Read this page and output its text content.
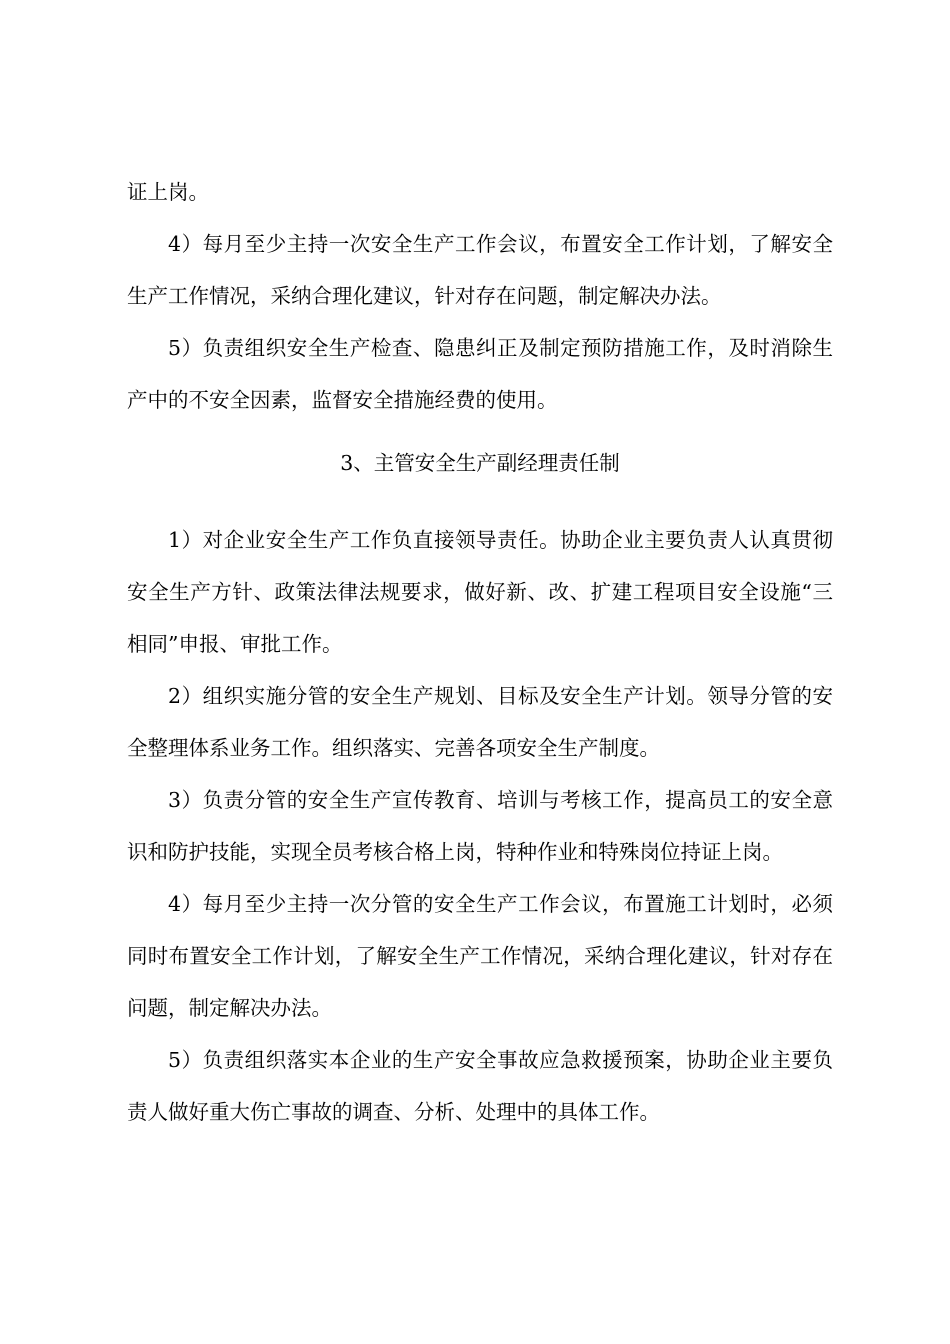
证上岗。

4）每月至少主持一次安全生产工作会议，布置安全工作计划，了解安全生产工作情况，采纳合理化建议，针对存在问题，制定解决办法。

5）负责组织安全生产检查、隐患纠正及制定预防措施工作，及时消除生产中的不安全因素，监督安全措施经费的使用。

3、主管安全生产副经理责任制

1）对企业安全生产工作负直接领导责任。协助企业主要负责人认真贯彻安全生产方针、政策法律法规要求，做好新、改、扩建工程项目安全设施“三相同”申报、审批工作。

2）组织实施分管的安全生产规划、目标及安全生产计划。领导分管的安全整理体系业务工作。组织落实、完善各项安全生产制度。

3）负责分管的安全生产宣传教育、培训与考核工作，提高员工的安全意识和防护技能，实现全员考核合格上岗，特种作业和特殊岗位持证上岗。

4）每月至少主持一次分管的安全生产工作会议，布置施工计划时，必须同时布置安全工作计划，了解安全生产工作情况，采纳合理化建议，针对存在问题，制定解决办法。

5）负责组织落实本企业的生产安全事故应急救援预案，协助企业主要负责人做好重大伤亡事故的调查、分析、处理中的具体工作。
